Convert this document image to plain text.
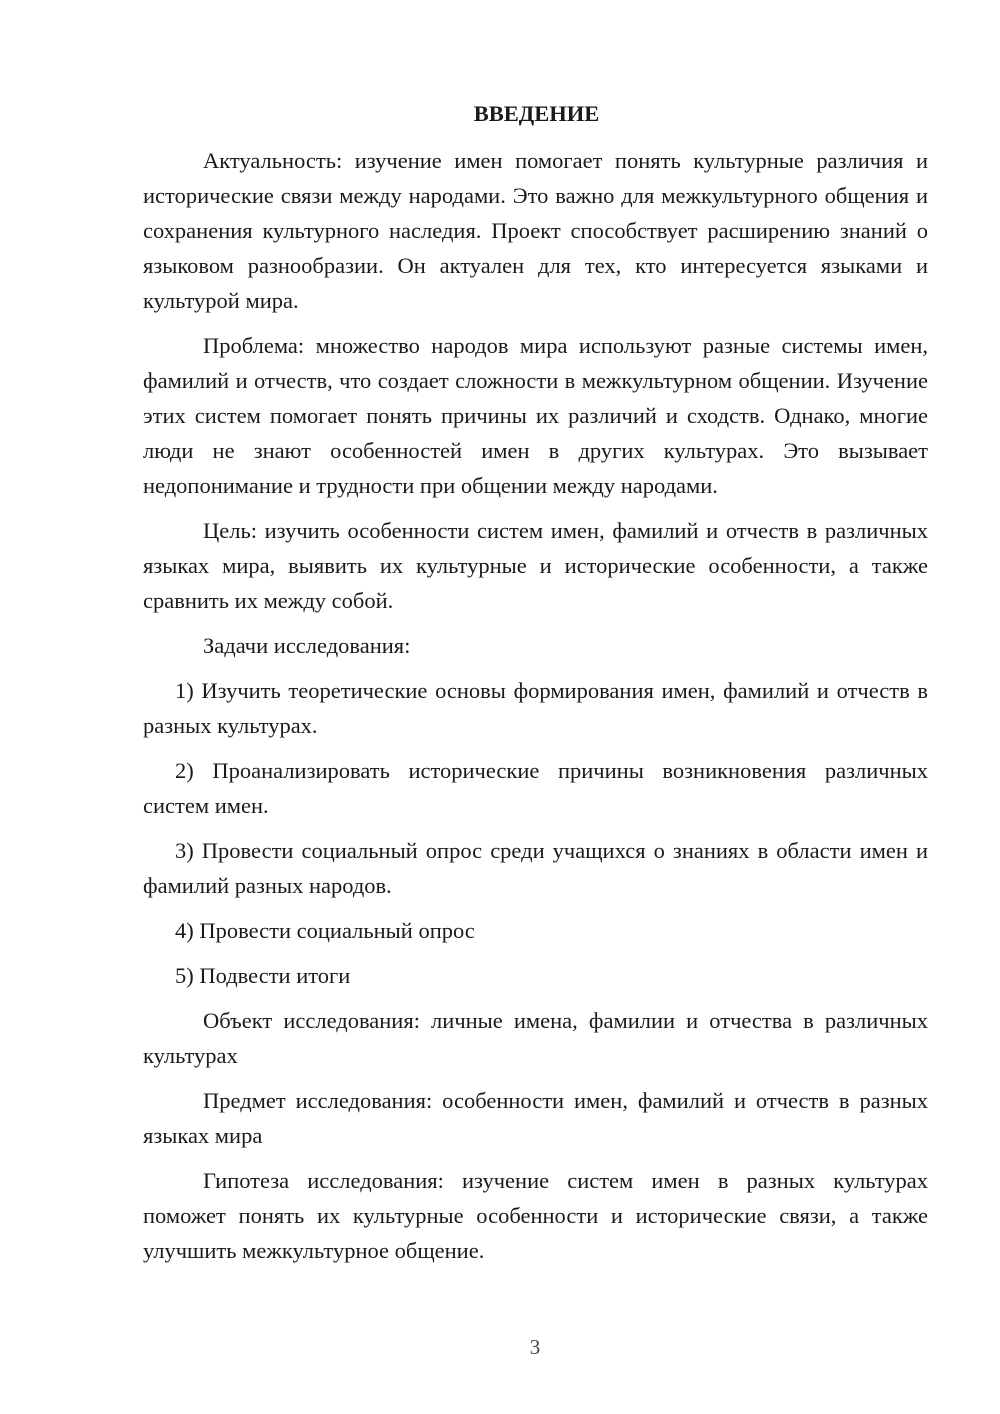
ВВЕДЕНИЕ

Актуальность: изучение имен помогает понять культурные различия и исторические связи между народами. Это важно для межкультурного общения и сохранения культурного наследия. Проект способствует расширению знаний о языковом разнообразии. Он актуален для тех, кто интересуется языками и культурой мира.

Проблема: множество народов мира используют разные системы имен, фамилий и отчеств, что создает сложности в межкультурном общении. Изучение этих систем помогает понять причины их различий и сходств. Однако, многие люди не знают особенностей имен в других культурах. Это вызывает недопонимание и трудности при общении между народами.

Цель: изучить особенности систем имен, фамилий и отчеств в различных языках мира, выявить их культурные и исторические особенности, а также сравнить их между собой.

Задачи исследования:

1) Изучить теоретические основы формирования имен, фамилий и отчеств в разных культурах.

2) Проанализировать исторические причины возникновения различных систем имен.

3) Провести социальный опрос среди учащихся о знаниях в области имен и фамилий разных народов.

4) Провести социальный опрос
5) Подвести итоги

Объект исследования: личные имена, фамилии и отчества в различных культурах

Предмет исследования: особенности имен, фамилий и отчеств в разных языках мира

Гипотеза исследования: изучение систем имен в разных культурах поможет понять их культурные особенности и исторические связи, а также улучшить межкультурное общение.

3
